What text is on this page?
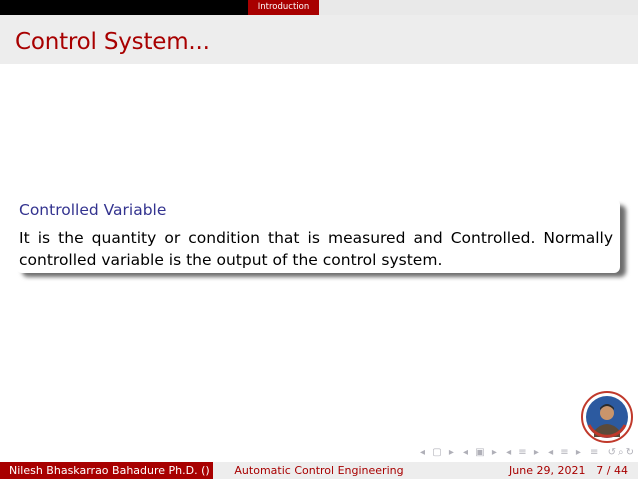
Introduction
Control System...
Controlled Variable
It is the quantity or condition that is measured and Controlled. Normally controlled variable is the output of the control system.
◂ ▢ ▸ ◂ ▣ ▸ ◂ ≡ ▸ ◂ ≡ ▸ ≡ ↺⌕↻
Nilesh Bhaskarrao Bahadure Ph.D. ()	Automatic Control Engineering	June 29, 2021 7 / 44
